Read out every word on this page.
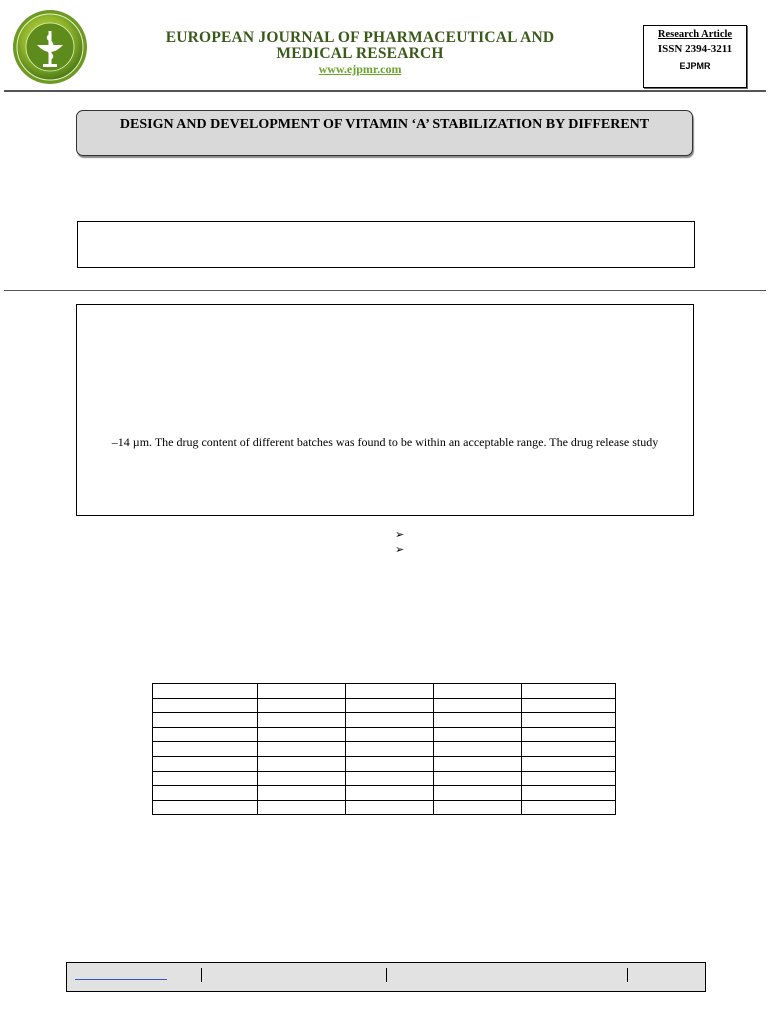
EUROPEAN JOURNAL OF PHARMACEUTICAL AND MEDICAL RESEARCH
www.ejpmr.com
Research Article
ISSN 2394-3211
EJPMR
DESIGN AND DEVELOPMENT OF VITAMIN ‘A’ STABILIZATION BY DIFFERENT
–14 µm. The drug content of different batches was found to be within an acceptable range. The drug release study
➢
➢
